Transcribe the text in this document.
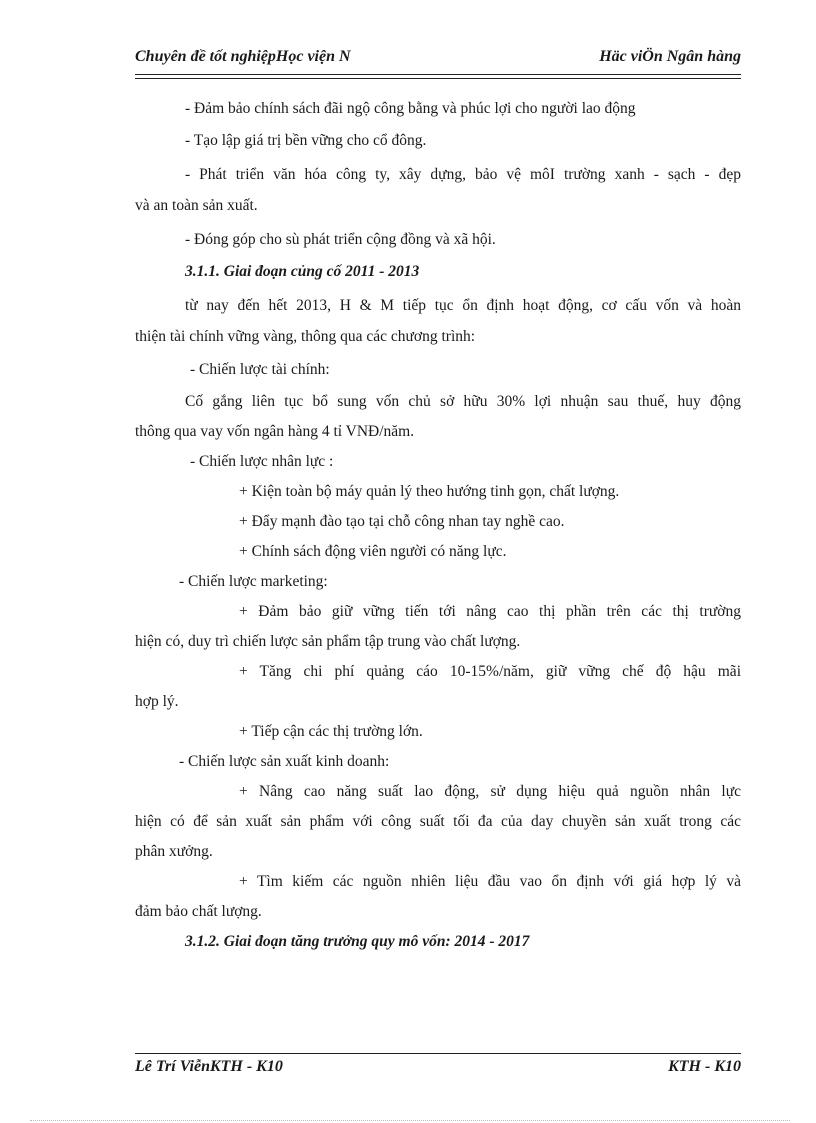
Chuyên đề tốt nghiệpHọc viện N	Häc viÖn Ngân hàng
- Đảm bảo chính sách đãi ngộ công bằng và phúc lợi cho người lao động
- Tạo lập giá trị bền vững cho cổ đông.
- Phát triển văn hóa công ty, xây dựng, bảo vệ môI trường xanh - sạch - đẹp
và an toàn sản xuất.
- Đóng góp cho sù phát triển cộng đồng và xã hội.
3.1.1. Giai đoạn củng cố 2011 - 2013
từ nay đến hết 2013, H & M tiếp tục ổn định hoạt động, cơ cấu vốn và hoàn
thiện tài chính vững vàng, thông qua các chương trình:
- Chiến lược tài chính:
Cố gắng liên tục bổ sung vốn chủ sở hữu 30% lợi nhuận sau thuế, huy động
thông qua vay vốn ngân hàng 4 tỉ VNĐ/năm.
- Chiến lược nhân lực :
+ Kiện toàn bộ máy quản lý theo hướng tinh gọn, chất lượng.
+ Đẩy mạnh đào tạo tại chỗ công nhan tay nghề cao.
+ Chính sách động viên người có năng lực.
- Chiến lược marketing:
+ Đảm bảo giữ vững tiến tới nâng cao thị phần trên các thị trường
hiện có, duy trì chiến lược sản phẩm tập trung vào chất lượng.
+ Tăng chi phí quảng cáo 10-15%/năm, giữ vững chế độ hậu mãi
hợp lý.
+ Tiếp cận các thị trường lớn.
- Chiến lược sản xuất kinh doanh:
+ Nâng cao năng suất lao động, sử dụng hiệu quả nguồn nhân lực
hiện có để sản xuất sản phẩm với công suất tối đa của day chuyền sản xuất trong các
phân xưởng.
+ Tìm kiếm các nguồn nhiên liệu đầu vao ổn định với giá hợp lý và
đảm bảo chất lượng.
3.1.2. Giai đoạn tăng trưởng quy mô vốn: 2014 - 2017
Lê Trí ViễnKTH - K10	KTH - K10
